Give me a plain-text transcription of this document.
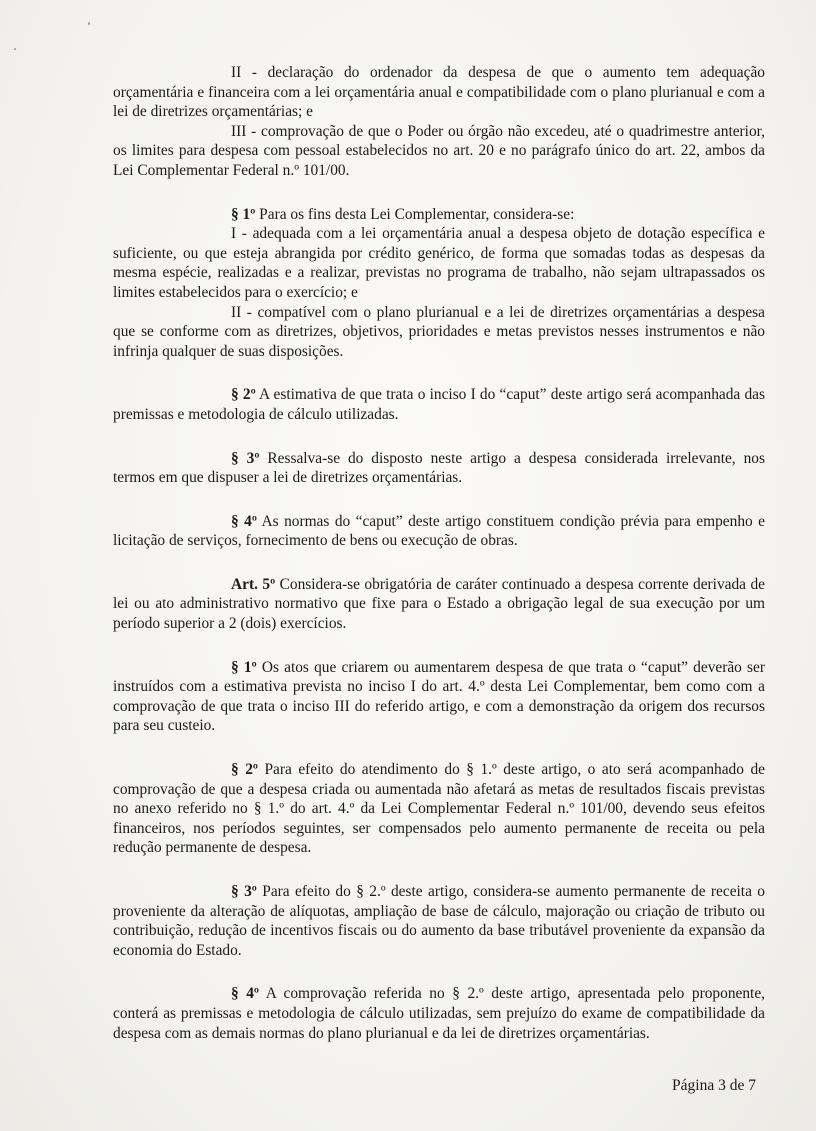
II - declaração do ordenador da despesa de que o aumento tem adequação orçamentária e financeira com a lei orçamentária anual e compatibilidade com o plano plurianual e com a lei de diretrizes orçamentárias; e

III - comprovação de que o Poder ou órgão não excedeu, até o quadrimestre anterior, os limites para despesa com pessoal estabelecidos no art. 20 e no parágrafo único do art. 22, ambos da Lei Complementar Federal n.º 101/00.

§ 1º Para os fins desta Lei Complementar, considera-se:

I - adequada com a lei orçamentária anual a despesa objeto de dotação específica e suficiente, ou que esteja abrangida por crédito genérico, de forma que somadas todas as despesas da mesma espécie, realizadas e a realizar, previstas no programa de trabalho, não sejam ultrapassados os limites estabelecidos para o exercício; e

II - compatível com o plano plurianual e a lei de diretrizes orçamentárias a despesa que se conforme com as diretrizes, objetivos, prioridades e metas previstos nesses instrumentos e não infrinja qualquer de suas disposições.

§ 2º A estimativa de que trata o inciso I do “caput” deste artigo será acompanhada das premissas e metodologia de cálculo utilizadas.

§ 3º Ressalva-se do disposto neste artigo a despesa considerada irrelevante, nos termos em que dispuser a lei de diretrizes orçamentárias.

§ 4º As normas do “caput” deste artigo constituem condição prévia para empenho e licitação de serviços, fornecimento de bens ou execução de obras.

Art. 5º Considera-se obrigatória de caráter continuado a despesa corrente derivada de lei ou ato administrativo normativo que fixe para o Estado a obrigação legal de sua execução por um período superior a 2 (dois) exercícios.

§ 1º Os atos que criarem ou aumentarem despesa de que trata o “caput” deverão ser instruídos com a estimativa prevista no inciso I do art. 4.º desta Lei Complementar, bem como com a comprovação de que trata o inciso III do referido artigo, e com a demonstração da origem dos recursos para seu custeio.

§ 2º Para efeito do atendimento do § 1.º deste artigo, o ato será acompanhado de comprovação de que a despesa criada ou aumentada não afetará as metas de resultados fiscais previstas no anexo referido no § 1.º do art. 4.º da Lei Complementar Federal n.º 101/00, devendo seus efeitos financeiros, nos períodos seguintes, ser compensados pelo aumento permanente de receita ou pela redução permanente de despesa.

§ 3º Para efeito do § 2.º deste artigo, considera-se aumento permanente de receita o proveniente da alteração de alíquotas, ampliação de base de cálculo, majoração ou criação de tributo ou contribuição, redução de incentivos fiscais ou do aumento da base tributável proveniente da expansão da economia do Estado.

§ 4º A comprovação referida no § 2.º deste artigo, apresentada pelo proponente, conterá as premissas e metodologia de cálculo utilizadas, sem prejuízo do exame de compatibilidade da despesa com as demais normas do plano plurianual e da lei de diretrizes orçamentárias.

Página 3 de 7
